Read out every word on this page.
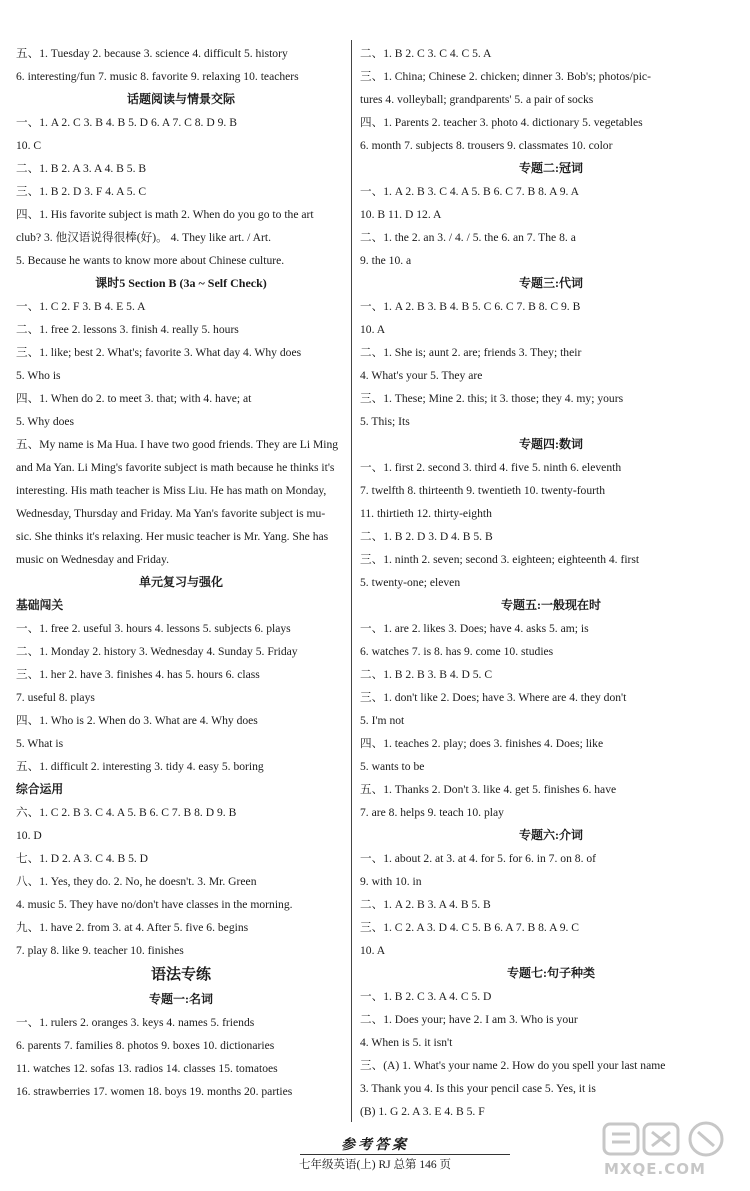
五、1. Tuesday 2. because 3. science 4. difficult 5. history
6. interesting/fun 7. music 8. favorite 9. relaxing 10. teachers
话题阅读与情景交际
一、1. A 2. C 3. B 4. B 5. D 6. A 7. C 8. D 9. B
10. C
二、1. B 2. A 3. A 4. B 5. B
三、1. B 2. D 3. F 4. A 5. C
四、1. His favorite subject is math 2. When do you go to the art
club? 3. 他汉语说得很棒(好)。 4. They like art. / Art.
5. Because he wants to know more about Chinese culture.
课时5 Section B (3a ~ Self Check)
一、1. C 2. F 3. B 4. E 5. A
二、1. free 2. lessons 3. finish 4. really 5. hours
三、1. like; best 2. What's; favorite 3. What day 4. Why does
5. Who is
四、1. When do 2. to meet 3. that; with 4. have; at
5. Why does
五、My name is Ma Hua. I have two good friends. They are Li Ming
and Ma Yan. Li Ming's favorite subject is math because he thinks it's
interesting. His math teacher is Miss Liu. He has math on Monday,
Wednesday, Thursday and Friday. Ma Yan's favorite subject is mu-
sic. She thinks it's relaxing. Her music teacher is Mr. Yang. She has
music on Wednesday and Friday.
单元复习与强化
基础闯关
一、1. free 2. useful 3. hours 4. lessons 5. subjects 6. plays
二、1. Monday 2. history 3. Wednesday 4. Sunday 5. Friday
三、1. her 2. have 3. finishes 4. has 5. hours 6. class
7. useful 8. plays
四、1. Who is 2. When do 3. What are 4. Why does
5. What is
五、1. difficult 2. interesting 3. tidy 4. easy 5. boring
综合运用
六、1. C 2. B 3. C 4. A 5. B 6. C 7. B 8. D 9. B
10. D
七、1. D 2. A 3. C 4. B 5. D
八、1. Yes, they do. 2. No, he doesn't. 3. Mr. Green
4. music 5. They have no/don't have classes in the morning.
九、1. have 2. from 3. at 4. After 5. five 6. begins
7. play 8. like 9. teacher 10. finishes
语法专练
专题一:名词
一、1. rulers 2. oranges 3. keys 4. names 5. friends
6. parents 7. families 8. photos 9. boxes 10. dictionaries
11. watches 12. sofas 13. radios 14. classes 15. tomatoes
16. strawberries 17. women 18. boys 19. months 20. parties
二、1. B 2. C 3. C 4. C 5. A
三、1. China; Chinese 2. chicken; dinner 3. Bob's; photos/pic-
tures 4. volleyball; grandparents' 5. a pair of socks
四、1. Parents 2. teacher 3. photo 4. dictionary 5. vegetables
6. month 7. subjects 8. trousers 9. classmates 10. color
专题二:冠词
一、1. A 2. B 3. C 4. A 5. B 6. C 7. B 8. A 9. A
10. B 11. D 12. A
二、1. the 2. an 3. / 4. / 5. the 6. an 7. The 8. a
9. the 10. a
专题三:代词
一、1. A 2. B 3. B 4. B 5. C 6. C 7. B 8. C 9. B
10. A
二、1. She is; aunt 2. are; friends 3. They; their
4. What's your 5. They are
三、1. These; Mine 2. this; it 3. those; they 4. my; yours
5. This; Its
专题四:数词
一、1. first 2. second 3. third 4. five 5. ninth 6. eleventh
7. twelfth 8. thirteenth 9. twentieth 10. twenty-fourth
11. thirtieth 12. thirty-eighth
二、1. B 2. D 3. D 4. B 5. B
三、1. ninth 2. seven; second 3. eighteen; eighteenth 4. first
5. twenty-one; eleven
专题五:一般现在时
一、1. are 2. likes 3. Does; have 4. asks 5. am; is
6. watches 7. is 8. has 9. come 10. studies
二、1. B 2. B 3. B 4. D 5. C
三、1. don't like 2. Does; have 3. Where are 4. they don't
5. I'm not
四、1. teaches 2. play; does 3. finishes 4. Does; like
5. wants to be
五、1. Thanks 2. Don't 3. like 4. get 5. finishes 6. have
7. are 8. helps 9. teach 10. play
专题六:介词
一、1. about 2. at 3. at 4. for 5. for 6. in 7. on 8. of
9. with 10. in
二、1. A 2. B 3. A 4. B 5. B
三、1. C 2. A 3. D 4. C 5. B 6. A 7. B 8. A 9. C
10. A
专题七:句子种类
一、1. B 2. C 3. A 4. C 5. D
二、1. Does your; have 2. I am 3. Who is your
4. When is 5. it isn't
三、(A) 1. What's your name 2. How do you spell your last name
3. Thank you 4. Is this your pencil case 5. Yes, it is
(B) 1. G 2. A 3. E 4. B 5. F
参考答案
七年级英语(上) RJ 总第 146 页	MXQE.COM
